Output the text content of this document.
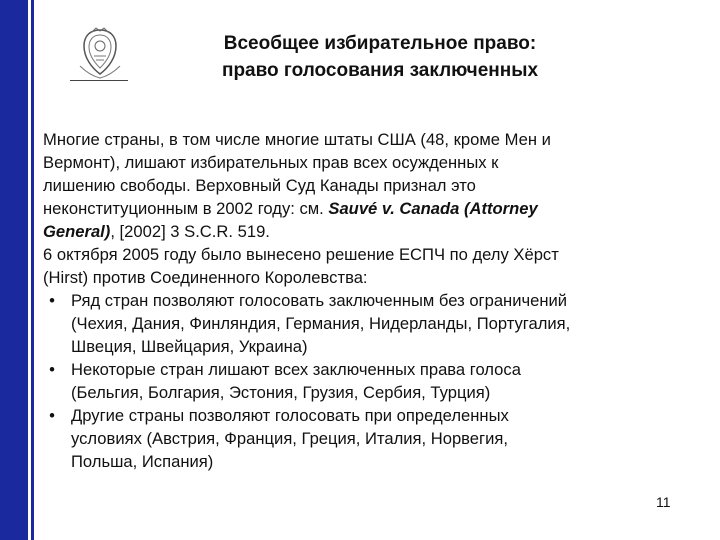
Всеобщее избирательное право:
право голосования заключенных

Многие страны, в том числе многие штаты США (48, кроме Мен и
Вермонт), лишают избирательных прав всех осужденных к
лишению свободы. Верховный Суд Канады признал это
неконституционным в 2002 году: см. Sauvé v. Canada (Attorney
General), [2002] 3 S.C.R. 519.

6 октября 2005 году было вынесено решение ЕСПЧ по делу Хёрст
(Hirst) против Соединенного Королевства:

• Ряд стран позволяют голосовать заключенным без ограничений
(Чехия, Дания, Финляндия, Германия, Нидерланды, Португалия,
Швеция, Швейцария, Украина)
• Некоторые стран лишают всех заключенных права голоса
(Бельгия, Болгария, Эстония, Грузия, Сербия, Турция)
• Другие страны позволяют голосовать при определенных
условиях (Австрия, Франция, Греция, Италия, Норвегия,
Польша, Испания)
11
